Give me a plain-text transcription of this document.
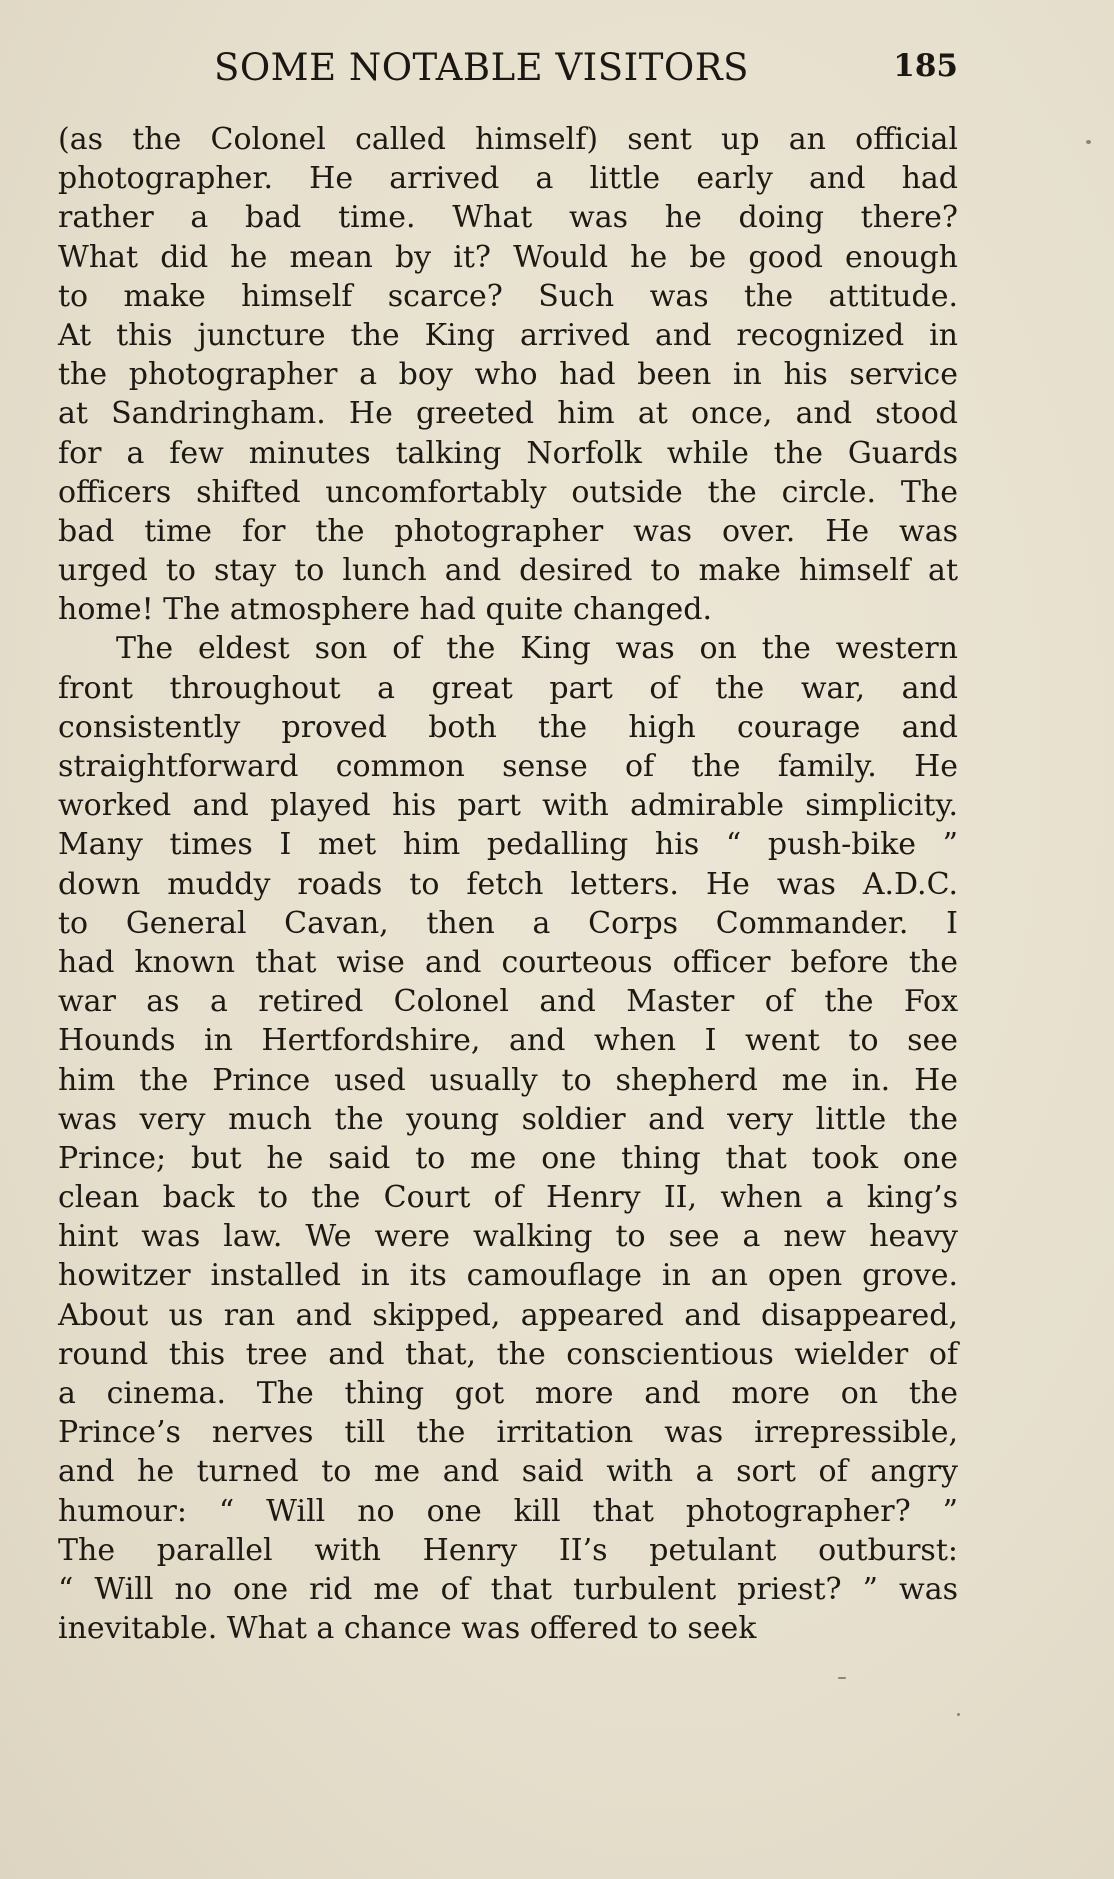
SOME NOTABLE VISITORS	185
(as the Colonel called himself) sent up an official
photographer. He arrived a little early and had
rather a bad time. What was he doing there?
What did he mean by it? Would he be good enough
to make himself scarce? Such was the attitude.
At this juncture the King arrived and recognized in
the photographer a boy who had been in his service
at Sandringham. He greeted him at once, and stood
for a few minutes talking Norfolk while the Guards
officers shifted uncomfortably outside the circle. The
bad time for the photographer was over. He was
urged to stay to lunch and desired to make himself at
home! The atmosphere had quite changed.
The eldest son of the King was on the western
front throughout a great part of the war, and
consistently proved both the high courage and
straightforward common sense of the family. He
worked and played his part with admirable simplicity.
Many times I met him pedalling his “ push-bike ”
down muddy roads to fetch letters. He was A.D.C.
to General Cavan, then a Corps Commander. I
had known that wise and courteous officer before the
war as a retired Colonel and Master of the Fox
Hounds in Hertfordshire, and when I went to see
him the Prince used usually to shepherd me in. He
was very much the young soldier and very little the
Prince; but he said to me one thing that took one
clean back to the Court of Henry II, when a king’s
hint was law. We were walking to see a new heavy
howitzer installed in its camouflage in an open grove.
About us ran and skipped, appeared and disappeared,
round this tree and that, the conscientious wielder of
a cinema. The thing got more and more on the
Prince’s nerves till the irritation was irrepressible,
and he turned to me and said with a sort of angry
humour: “ Will no one kill that photographer? ”
The parallel with Henry II’s petulant outburst:
“ Will no one rid me of that turbulent priest? ” was
inevitable. What a chance was offered to seek
